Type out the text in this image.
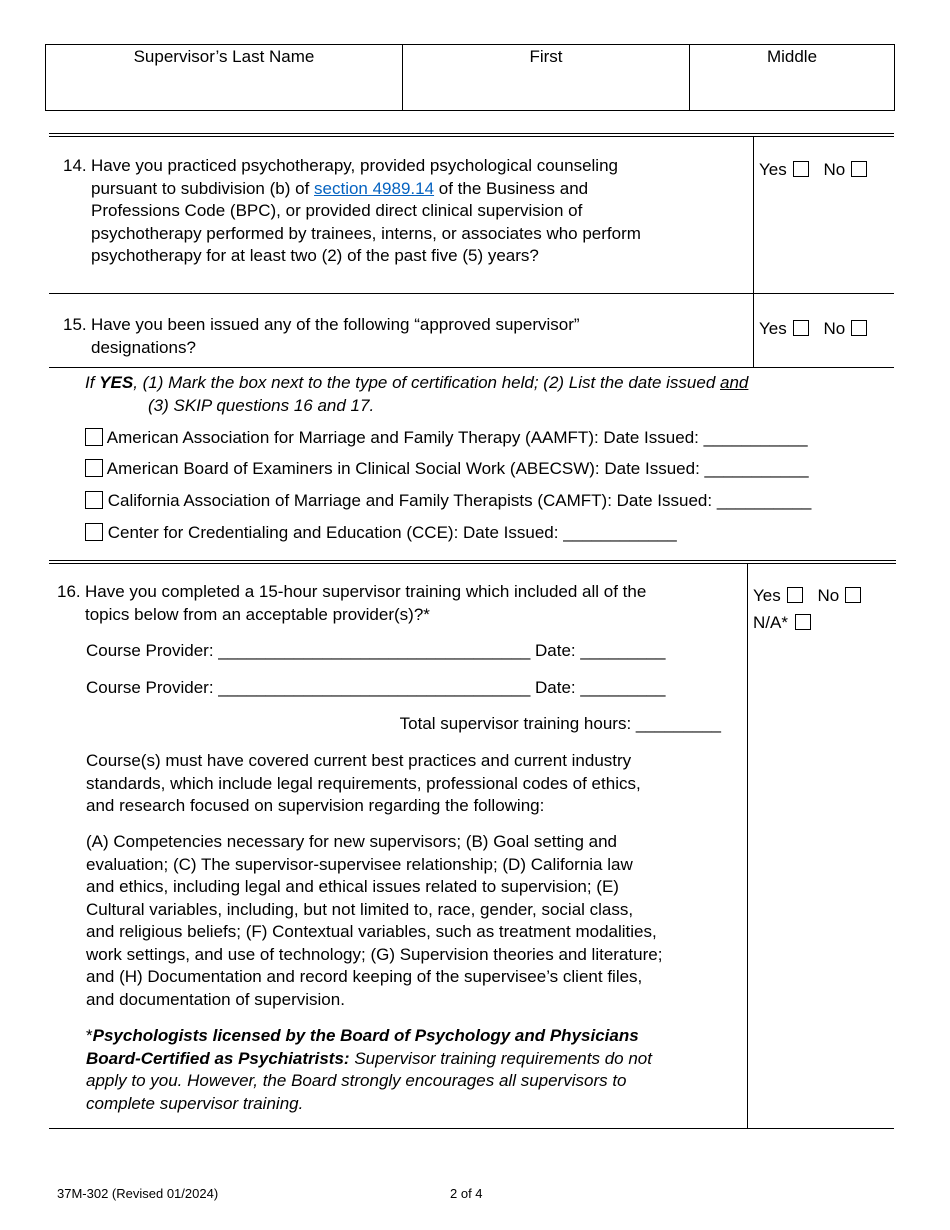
Supervisor’s Last Name	First	Middle
14. Have you practiced psychotherapy, provided psychological counseling
pursuant to subdivision (b) of section 4989.14 of the Business and
Professions Code (BPC), or provided direct clinical supervision of
psychotherapy performed by trainees, interns, or associates who perform
psychotherapy for at least two (2) of the past five (5) years?
Yes No
15. Have you been issued any of the following “approved supervisor”
designations?
Yes No
If YES, (1) Mark the box next to the type of certification held; (2) List the date issued and
(3) SKIP questions 16 and 17.
American Association for Marriage and Family Therapy (AAMFT): Date Issued: ___________
American Board of Examiners in Clinical Social Work (ABECSW): Date Issued: ___________
California Association of Marriage and Family Therapists (CAMFT): Date Issued: __________
Center for Credentialing and Education (CCE): Date Issued: ____________
16. Have you completed a 15-hour supervisor training which included all of the
topics below from an acceptable provider(s)?*
Yes No
N/A*
Course Provider: _________________________________ Date: _________
Course Provider: _________________________________ Date: _________
Total supervisor training hours: _________
Course(s) must have covered current best practices and current industry
standards, which include legal requirements, professional codes of ethics,
and research focused on supervision regarding the following:
(A) Competencies necessary for new supervisors; (B) Goal setting and
evaluation; (C) The supervisor-supervisee relationship; (D) California law
and ethics, including legal and ethical issues related to supervision; (E)
Cultural variables, including, but not limited to, race, gender, social class,
and religious beliefs; (F) Contextual variables, such as treatment modalities,
work settings, and use of technology; (G) Supervision theories and literature;
and (H) Documentation and record keeping of the supervisee’s client files,
and documentation of supervision.
*Psychologists licensed by the Board of Psychology and Physicians
Board-Certified as Psychiatrists: Supervisor training requirements do not
apply to you. However, the Board strongly encourages all supervisors to
complete supervisor training.
37M-302 (Revised 01/2024)	2 of 4
